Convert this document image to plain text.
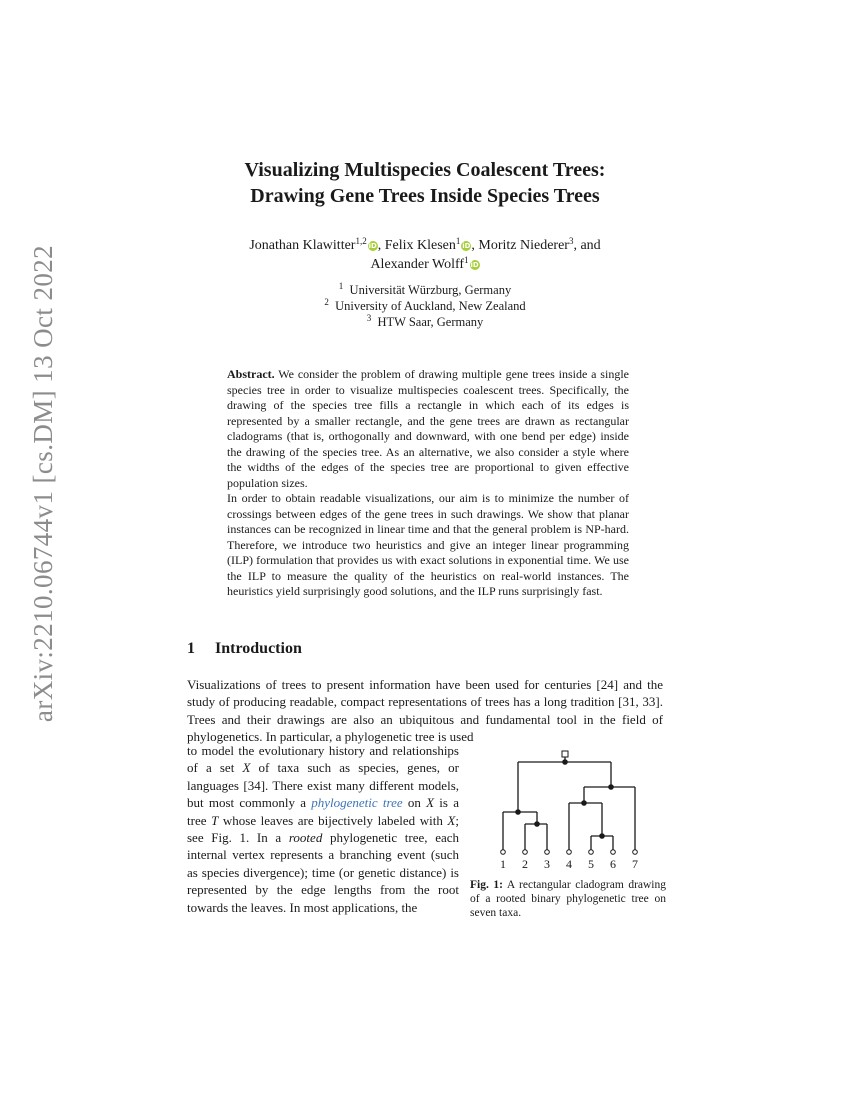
arXiv:2210.06744v1 [cs.DM] 13 Oct 2022
Visualizing Multispecies Coalescent Trees:
Drawing Gene Trees Inside Species Trees
Jonathan Klawitter$^{1,2}$ iD, Felix Klesen$^1$ iD, Moritz Niederer$^3$, and
Alexander Wolff$^1$ iD
$^1$ Universität Würzburg, Germany
$^2$ University of Auckland, New Zealand
$^3$ HTW Saar, Germany

Abstract. We consider the problem of drawing multiple gene trees inside a single species tree in order to visualize multispecies coalescent trees. Specifically, the drawing of the species tree fills a rectangle in which each of its edges is represented by a smaller rectangle, and the gene trees are drawn as rectangular cladograms (that is, orthogonally and downward, with one bend per edge) inside the drawing of the species tree. As an alternative, we also consider a style where the widths of the edges of the species tree are proportional to given effective population sizes.

In order to obtain readable visualizations, our aim is to minimize the number of crossings between edges of the gene trees in such drawings. We show that planar instances can be recognized in linear time and that the general problem is NP-hard. Therefore, we introduce two heuristics and give an integer linear programming (ILP) formulation that provides us with exact solutions in exponential time. We use the ILP to measure the quality of the heuristics on real-world instances. The heuristics yield surprisingly good solutions, and the ILP runs surprisingly fast.

1 Introduction

Visualizations of trees to present information have been used for centuries [24] and the study of producing readable, compact representations of trees has a long tradition [31, 33]. Trees and their drawings are also an ubiquitous and fundamental tool in the field of phylogenetics. In particular, a phylogenetic tree is used

to model the evolutionary history and relationships of a set X of taxa such as species, genes, or languages [34]. There exist many different models, but most commonly a phylogenetic tree on X is a tree T whose leaves are bijectively labeled with X; see Fig. 1. In a rooted phylogenetic tree, each internal vertex represents a branching event (such as species divergence); time (or genetic distance) is represented by the edge lengths from the root towards the leaves. In most applications, the

1 2 3 4 5 6 7
Fig. 1: A rectangular cladogram drawing of a rooted binary phylogenetic tree on seven taxa.
